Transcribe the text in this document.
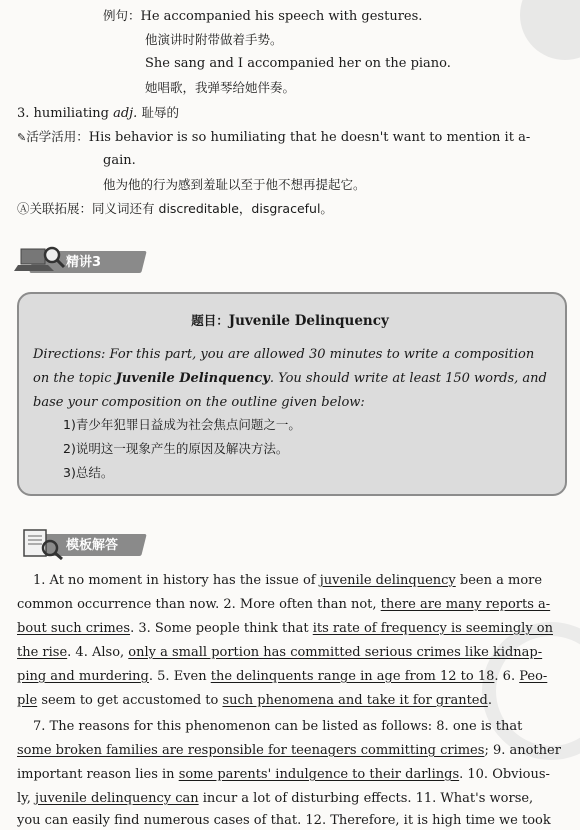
例句：He accompanied his speech with gestures.
他演讲时附带做着手势。
She sang and I accompanied her on the piano.
她唱歌，我弹琴给她伴奏。
3. humiliating adj. 耻辱的
✎活学活用：His behavior is so humiliating that he doesn't want to mention it a-
gain.
他为他的行为感到羞耻以至于他不想再提起它。
Ⓐ关联拓展：同义词还有 discreditable，disgraceful。
精讲3
题目：Juvenile Delinquency
Directions: For this part, you are allowed 30 minutes to write a composition
on the topic Juvenile Delinquency. You should write at least 150 words, and
base your composition on the outline given below:
1)青少年犯罪日益成为社会焦点问题之一。
2)说明这一现象产生的原因及解决方法。
3)总结。
模板解答
1. At no moment in history has the issue of juvenile delinquency been a more
common occurrence than now. 2. More often than not, there are many reports a-
bout such crimes. 3. Some people think that its rate of frequency is seemingly on
the rise. 4. Also, only a small portion has committed serious crimes like kidnap-
ping and murdering. 5. Even the delinquents range in age from 12 to 18. 6. Peo-
ple seem to get accustomed to such phenomena and take it for granted.
7. The reasons for this phenomenon can be listed as follows: 8. one is that
some broken families are responsible for teenagers committing crimes; 9. another
important reason lies in some parents' indulgence to their darlings. 10. Obvious-
ly, juvenile delinquency can incur a lot of disturbing effects. 11. What's worse,
you can easily find numerous cases of that. 12. Therefore, it is high time we took
